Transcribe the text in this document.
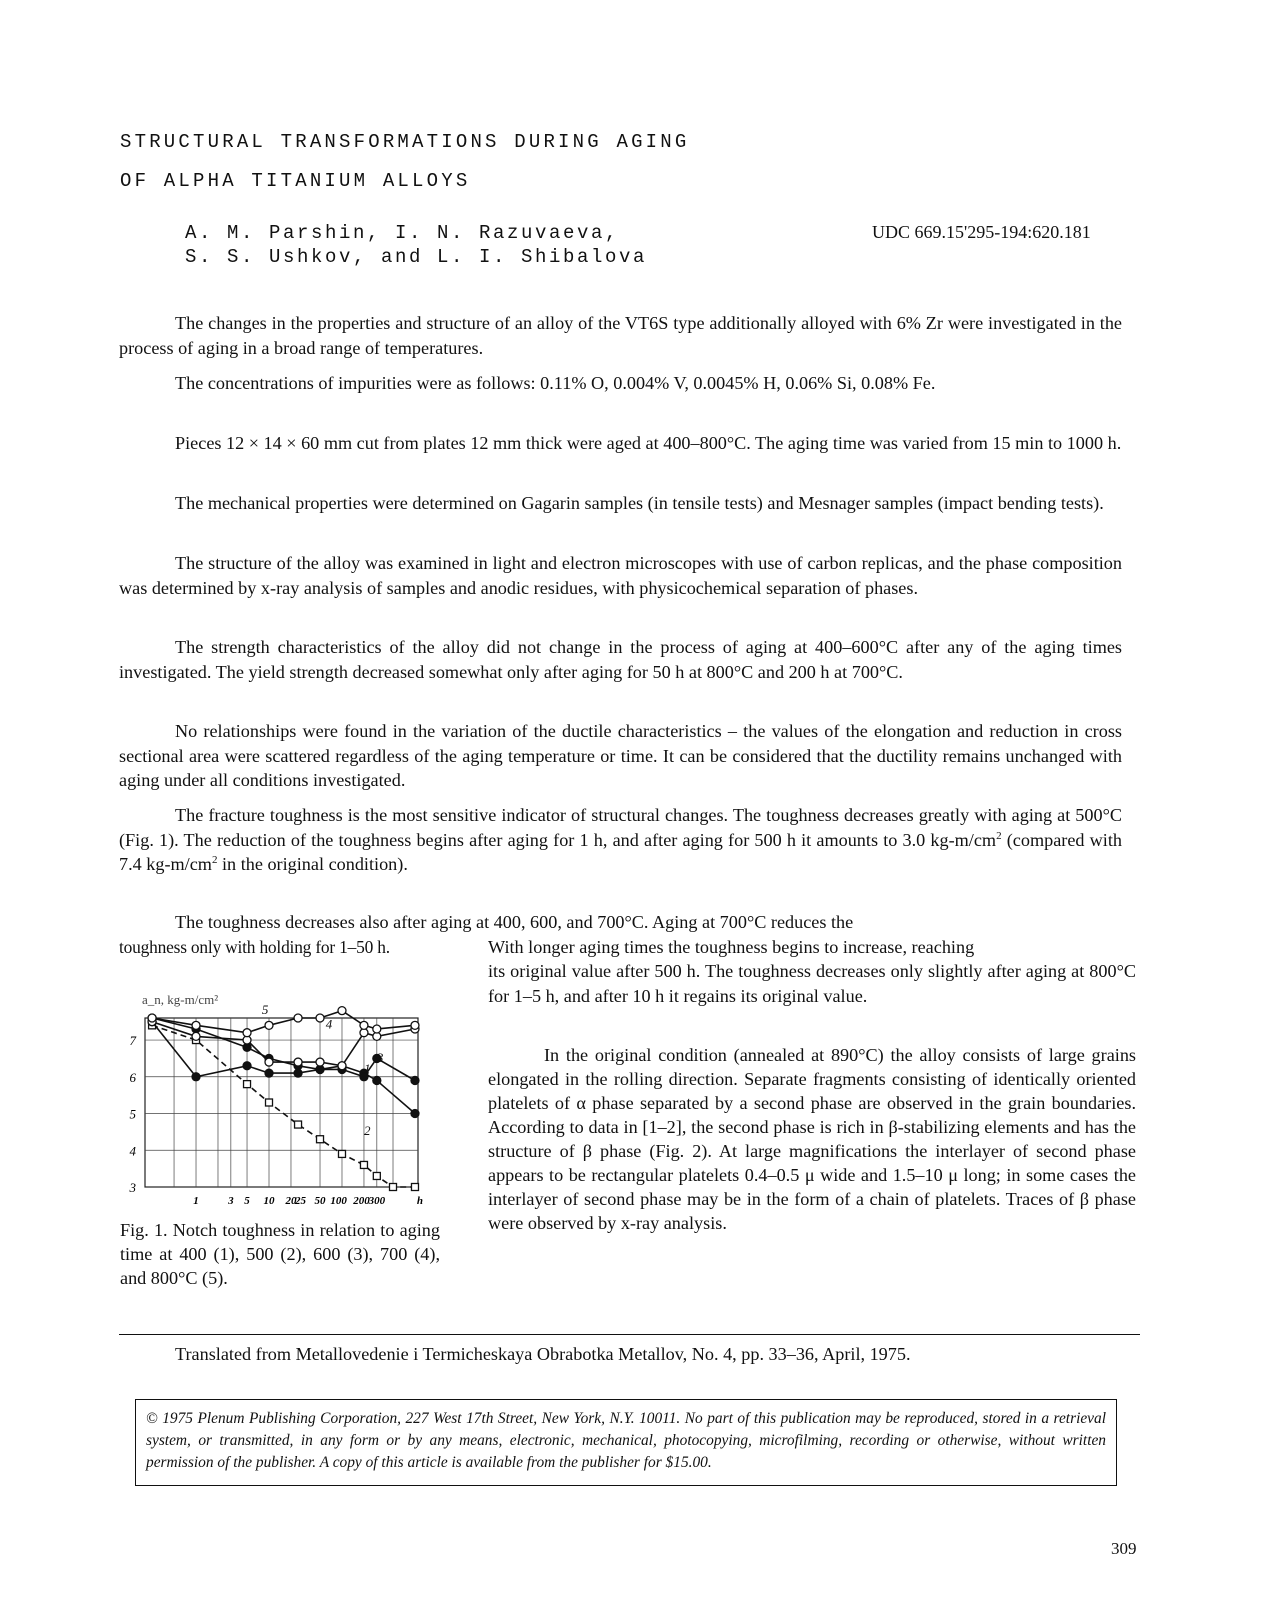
STRUCTURAL TRANSFORMATIONS DURING AGING
OF ALPHA TITANIUM ALLOYS
A. M. Parshin, I. N. Razuvaeva,
S. S. Ushkov, and L. I. Shibalova
UDC 669.15'295-194:620.181

The changes in the properties and structure of an alloy of the VT6S type additionally alloyed with 6% Zr were investigated in the process of aging in a broad range of temperatures.

The concentrations of impurities were as follows: 0.11% O, 0.004% V, 0.0045% H, 0.06% Si, 0.08% Fe.

Pieces 12 × 14 × 60 mm cut from plates 12 mm thick were aged at 400–800°C. The aging time was varied from 15 min to 1000 h.

The mechanical properties were determined on Gagarin samples (in tensile tests) and Mesnager samples (impact bending tests).

The structure of the alloy was examined in light and electron microscopes with use of carbon replicas, and the phase composition was determined by x-ray analysis of samples and anodic residues, with physicochemical separation of phases.

The strength characteristics of the alloy did not change in the process of aging at 400–600°C after any of the aging times investigated. The yield strength decreased somewhat only after aging for 50 h at 800°C and 200 h at 700°C.

No relationships were found in the variation of the ductile characteristics – the values of the elongation and reduction in cross sectional area were scattered regardless of the aging temperature or time. It can be considered that the ductility remains unchanged with aging under all conditions investigated.

The fracture toughness is the most sensitive indicator of structural changes. The toughness decreases greatly with aging at 500°C (Fig. 1). The reduction of the toughness begins after aging for 1 h, and after aging for 500 h it amounts to 3.0 $kg-m/cm^2$ (compared with 7.4 $kg-m/cm^2$ in the original condition).

The toughness decreases also after aging at 400, 600, and 700°C. Aging at 700°C reduces the

toughness only with holding for 1–50 h.	With longer aging times the toughness begins to increase, reaching

its original value after 500 h. The toughness decreases only slightly after aging at 800°C for 1–5 h, and after 10 h it regains its original value.

In the original condition (annealed at 890°C) the alloy consists of large grains elongated in the rolling direction. Separate fragments consisting of identically oriented platelets of α phase separated by a second phase are observed in the grain boundaries. According to data in [1–2], the second phase is rich in β-stabilizing elements and has the structure of β phase (Fig. 2). At large magnifications the interlayer of second phase appears to be rectangular platelets 0.4–0.5 μ wide and 1.5–10 μ long; in some cases the interlayer of second phase may be in the form of a chain of platelets. Traces of β phase were observed by x-ray analysis.

3
4
5
6
7
1	3 5 10 20
25 50 100 200
300	h
1
2
3
4
5
a_n, kg-m/cm²

Fig. 1. Notch toughness in relation to aging time at 400 (1), 500 (2), 600 (3), 700 (4), and 800°C (5).

Translated from Metallovedenie i Termicheskaya Obrabotka Metallov, No. 4, pp. 33–36, April, 1975.

© 1975 Plenum Publishing Corporation, 227 West 17th Street, New York, N.Y. 10011. No part of this publication may be reproduced, stored in a retrieval system, or transmitted, in any form or by any means, electronic, mechanical, photocopying, microfilming, recording or otherwise, without written permission of the publisher. A copy of this article is available from the publisher for $15.00.
309
